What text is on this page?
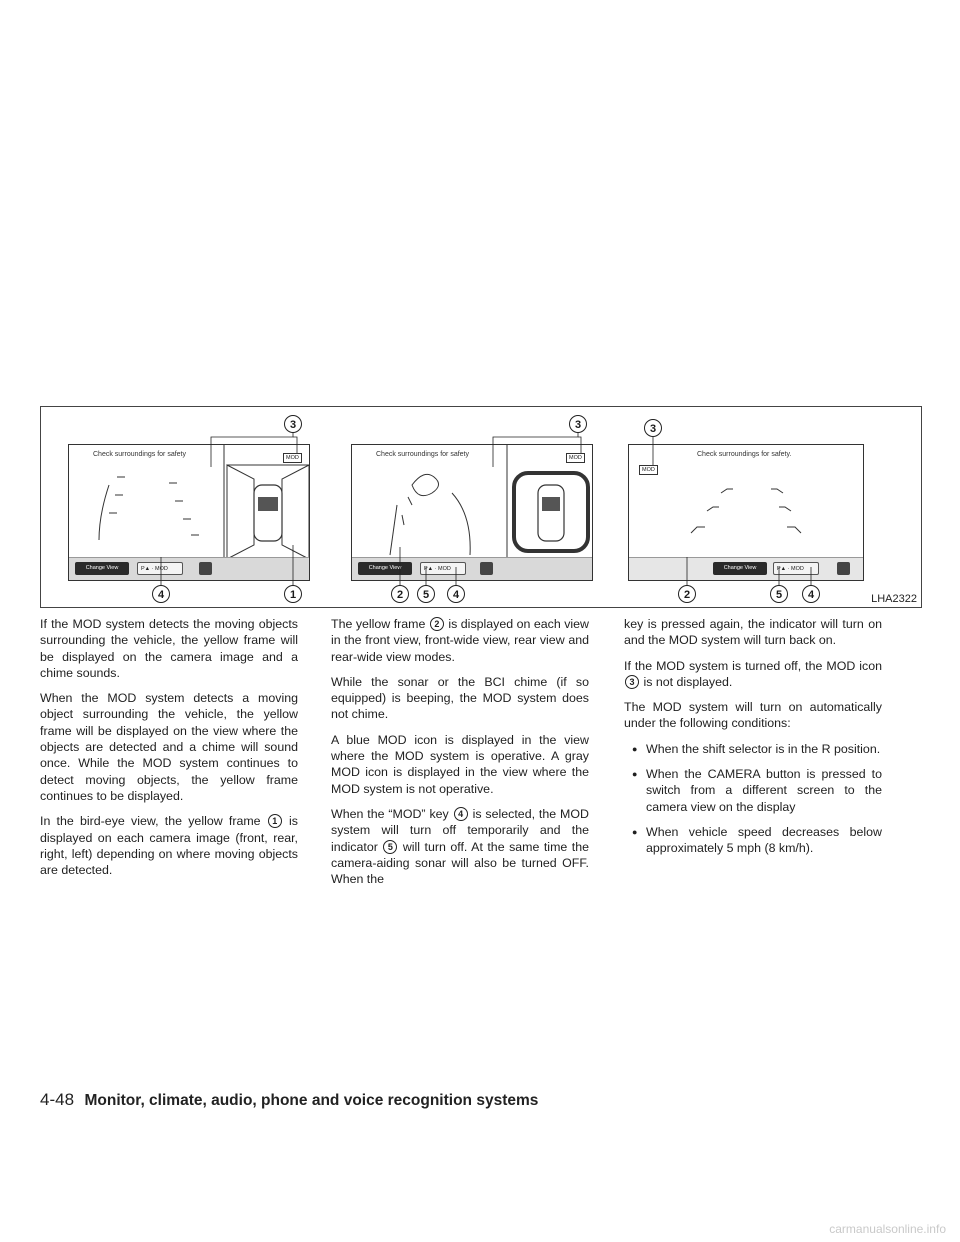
Check surroundings for safety	MOD
Change View	P▲ · MOD
Check surroundings for safety	MOD
Change View	P▲ · MOD
Check surroundings for safety.
MOD
Change View	P▲ · MOD
3
4	1
3
2	5	4
3
2	5	4	LHA2322

If the MOD system detects the moving objects surrounding the vehicle, the yellow frame will be displayed on the camera image and a chime sounds.

When the MOD system detects a moving object surrounding the vehicle, the yellow frame will be displayed on the view where the objects are detected and a chime will sound once. While the MOD system continues to detect moving objects, the yellow frame continues to be displayed.

In the bird-eye view, the yellow frame 1 is displayed on each camera image (front, rear, right, left) depending on where moving objects are detected.

The yellow frame 2 is displayed on each view in the front view, front-wide view, rear view and rear-wide view modes.

While the sonar or the BCI chime (if so equipped) is beeping, the MOD system does not chime.

A blue MOD icon is displayed in the view where the MOD system is operative. A gray MOD icon is displayed in the view where the MOD system is not operative.

When the “MOD” key 4 is selected, the MOD system will turn off temporarily and the indicator 5 will turn off. At the same time the camera-aiding sonar will also be turned OFF. When the

key is pressed again, the indicator will turn on and the MOD system will turn back on.

If the MOD system is turned off, the MOD icon 3 is not displayed.

The MOD system will turn on automatically under the following conditions:

● When the shift selector is in the R position.
● When the CAMERA button is pressed to switch from a different screen to the camera view on the display
● When vehicle speed decreases below approximately 5 mph (8 km/h).
4-48 Monitor, climate, audio, phone and voice recognition systems
carmanualsonline.info
